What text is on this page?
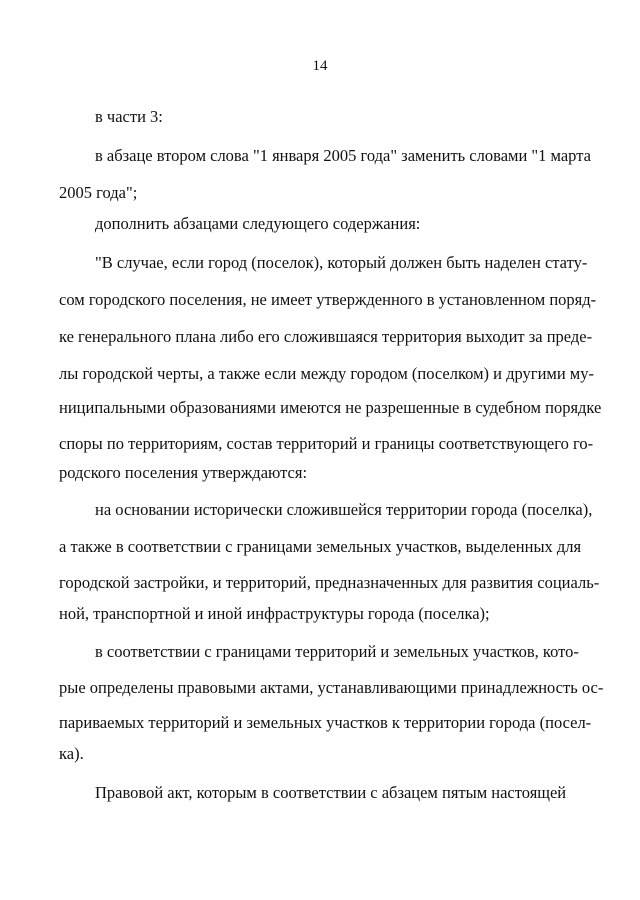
14
в части 3:
в абзаце втором слова "1 января 2005 года" заменить словами "1 марта
2005 года";
дополнить абзацами следующего содержания:
"В случае, если город (поселок), который должен быть наделен стату-
сом городского поселения, не имеет утвержденного в установленном поряд-
ке генерального плана либо его сложившаяся территория выходит за преде-
лы городской черты, а также если между городом (поселком) и другими му-
ниципальными образованиями имеются не разрешенные в судебном порядке
споры по территориям, состав территорий и границы соответствующего го-
родского поселения утверждаются:
на основании исторически сложившейся территории города (поселка),
а также в соответствии с границами земельных участков, выделенных для
городской застройки, и территорий, предназначенных для развития социаль-
ной, транспортной и иной инфраструктуры города (поселка);
в соответствии с границами территорий и земельных участков, кото-
рые определены правовыми актами, устанавливающими принадлежность ос-
париваемых территорий и земельных участков к территории города (посел-
ка).
Правовой акт, которым в соответствии с абзацем пятым настоящей
